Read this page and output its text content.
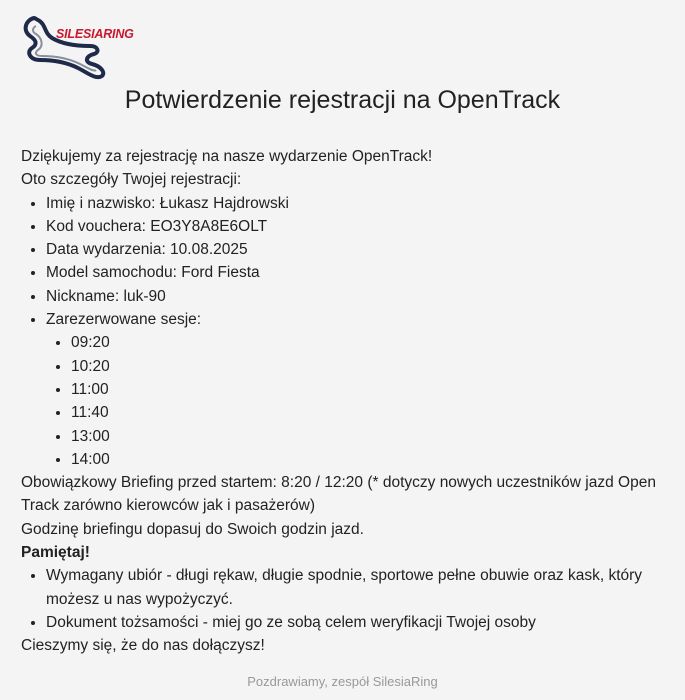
SILESIARING
Potwierdzenie rejestracji na OpenTrack

Dziękujemy za rejestrację na nasze wydarzenie OpenTrack!

Oto szczegóły Twojej rejestracji:

• Imię i nazwisko: Łukasz Hajdrowski
• Kod vouchera: EO3Y8A8E6OLT
• Data wydarzenia: 10.08.2025
• Model samochodu: Ford Fiesta
• Nickname: luk-90
• Zarezerwowane sesje:
• 09:20
• 10:20
• 11:00
• 11:40
• 13:00
• 14:00

Obowiązkowy Briefing przed startem: 8:20 / 12:20 (* dotyczy nowych uczestników jazd Open Track zarówno kierowców jak i pasażerów)

Godzinę briefingu dopasuj do Swoich godzin jazd.

Pamiętaj!

• Wymagany ubiór - długi rękaw, długie spodnie, sportowe pełne obuwie oraz kask, który możesz u nas wypożyczyć.
• Dokument tożsamości - miej go ze sobą celem weryfikacji Twojej osoby

Cieszymy się, że do nas dołączysz!

Pozdrawiamy, zespół SilesiaRing
